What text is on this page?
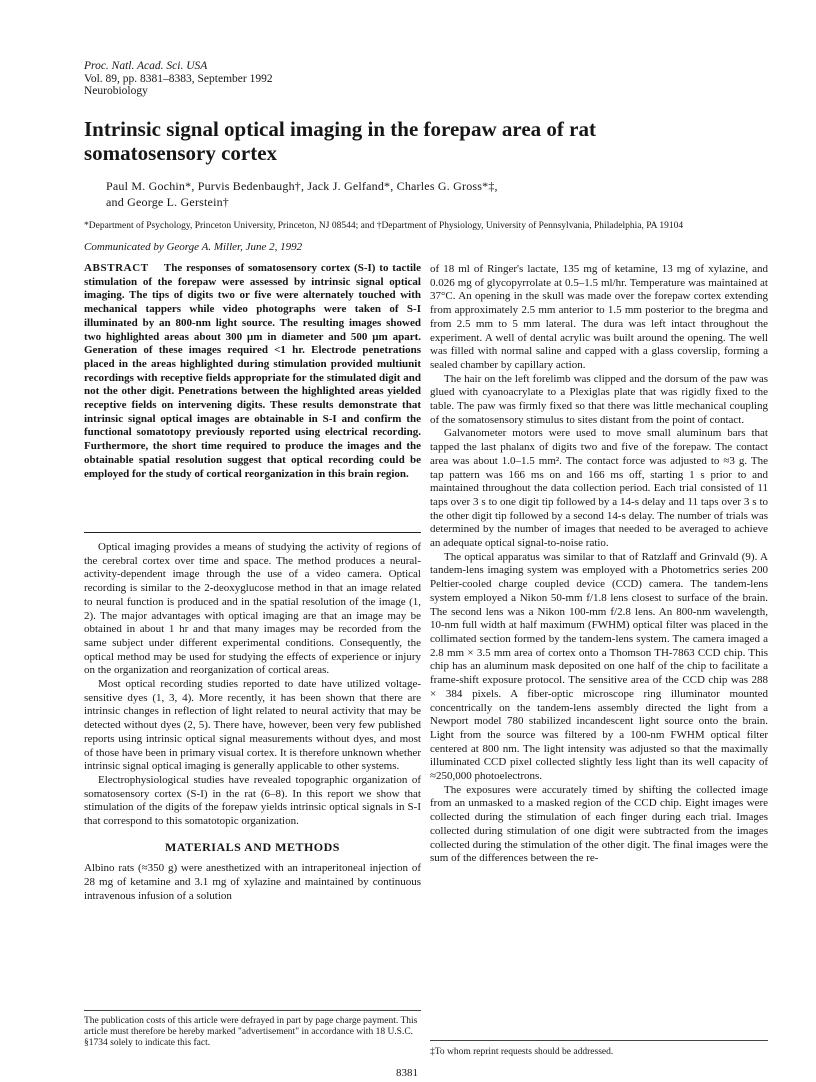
Proc. Natl. Acad. Sci. USA
Vol. 89, pp. 8381–8383, September 1992
Neurobiology
Intrinsic signal optical imaging in the forepaw area of rat somatosensory cortex
Paul M. Gochin*, Purvis Bedenbaugh†, Jack J. Gelfand*, Charles G. Gross*‡,
and George L. Gerstein†
*Department of Psychology, Princeton University, Princeton, NJ 08544; and †Department of Physiology, University of Pennsylvania, Philadelphia, PA 19104
Communicated by George A. Miller, June 2, 1992
ABSTRACT The responses of somatosensory cortex (S-I) to tactile stimulation of the forepaw were assessed by intrinsic signal optical imaging. The tips of digits two or five were alternately touched with mechanical tappers while video photographs were taken of S-I illuminated by an 800-nm light source. The resulting images showed two highlighted areas about 300 μm in diameter and 500 μm apart. Generation of these images required <1 hr. Electrode penetrations placed in the areas highlighted during stimulation provided multiunit recordings with receptive fields appropriate for the stimulated digit and not the other digit. Penetrations between the highlighted areas yielded receptive fields on intervening digits. These results demonstrate that intrinsic signal optical images are obtainable in S-I and confirm the functional somatotopy previously reported using electrical recording. Furthermore, the short time required to produce the images and the obtainable spatial resolution suggest that optical recording could be employed for the study of cortical reorganization in this brain region.

Optical imaging provides a means of studying the activity of regions of the cerebral cortex over time and space. The method produces a neural-activity-dependent image through the use of a video camera. Optical recording is similar to the 2-deoxyglucose method in that an image related to neural function is produced and in the spatial resolution of the image (1, 2). The major advantages with optical imaging are that an image may be obtained in about 1 hr and that many images may be recorded from the same subject under different experimental conditions. Consequently, the optical method may be used for studying the effects of experience or injury on the organization and reorganization of cortical areas.

Most optical recording studies reported to date have utilized voltage-sensitive dyes (1, 3, 4). More recently, it has been shown that there are intrinsic changes in reflection of light related to neural activity that may be detected without dyes (2, 5). There have, however, been very few published reports using intrinsic optical signal measurements without dyes, and most of those have been in primary visual cortex. It is therefore unknown whether intrinsic signal optical imaging is generally applicable to other systems.

Electrophysiological studies have revealed topographic organization of somatosensory cortex (S-I) in the rat (6–8). In this report we show that stimulation of the digits of the forepaw yields intrinsic optical signals in S-I that correspond to this somatotopic organization.

MATERIALS AND METHODS

Albino rats (≈350 g) were anesthetized with an intraperitoneal injection of 28 mg of ketamine and 3.1 mg of xylazine and maintained by continuous intravenous infusion of a solution

of 18 ml of Ringer's lactate, 135 mg of ketamine, 13 mg of xylazine, and 0.026 mg of glycopyrrolate at 0.5–1.5 ml/hr. Temperature was maintained at 37°C. An opening in the skull was made over the forepaw cortex extending from approximately 2.5 mm anterior to 1.5 mm posterior to the bregma and from 2.5 mm to 5 mm lateral. The dura was left intact throughout the experiment. A well of dental acrylic was built around the opening. The well was filled with normal saline and capped with a glass coverslip, forming a sealed chamber by capillary action.

The hair on the left forelimb was clipped and the dorsum of the paw was glued with cyanoacrylate to a Plexiglas plate that was rigidly fixed to the table. The paw was firmly fixed so that there was little mechanical coupling of the somatosensory stimulus to sites distant from the point of contact.

Galvanometer motors were used to move small aluminum bars that tapped the last phalanx of digits two and five of the forepaw. The contact area was about 1.0–1.5 mm². The contact force was adjusted to ≈3 g. The tap pattern was 166 ms on and 166 ms off, starting 1 s prior to and maintained throughout the data collection period. Each trial consisted of 11 taps over 3 s to one digit tip followed by a 14-s delay and 11 taps over 3 s to the other digit tip followed by a second 14-s delay. The number of trials was determined by the number of images that needed to be averaged to achieve an adequate optical signal-to-noise ratio.

The optical apparatus was similar to that of Ratzlaff and Grinvald (9). A tandem-lens imaging system was employed with a Photometrics series 200 Peltier-cooled charge coupled device (CCD) camera. The tandem-lens system employed a Nikon 50-mm f/1.8 lens closest to surface of the brain. The second lens was a Nikon 100-mm f/2.8 lens. An 800-nm wavelength, 10-nm full width at half maximum (FWHM) optical filter was placed in the collimated section formed by the tandem-lens system. The camera imaged a 2.8 mm × 3.5 mm area of cortex onto a Thomson TH-7863 CCD chip. This chip has an aluminum mask deposited on one half of the chip to facilitate a frame-shift exposure protocol. The sensitive area of the CCD chip was 288 × 384 pixels. A fiber-optic microscope ring illuminator mounted concentrically on the tandem-lens assembly directed the light from a Newport model 780 stabilized incandescent light source onto the brain. Light from the source was filtered by a 100-nm FWHM optical filter centered at 800 nm. The light intensity was adjusted so that the maximally illuminated CCD pixel collected slightly less light than its well capacity of ≈250,000 photoelectrons.

The exposures were accurately timed by shifting the collected image from an unmasked to a masked region of the CCD chip. Eight images were collected during the stimulation of each finger during each trial. Images collected during stimulation of one digit were subtracted from the images collected during the stimulation of the other digit. The final images were the sum of the differences between the re-

The publication costs of this article were defrayed in part by page charge payment. This article must therefore be hereby marked "advertisement" in accordance with 18 U.S.C. §1734 solely to indicate this fact.
‡To whom reprint requests should be addressed.
8381
